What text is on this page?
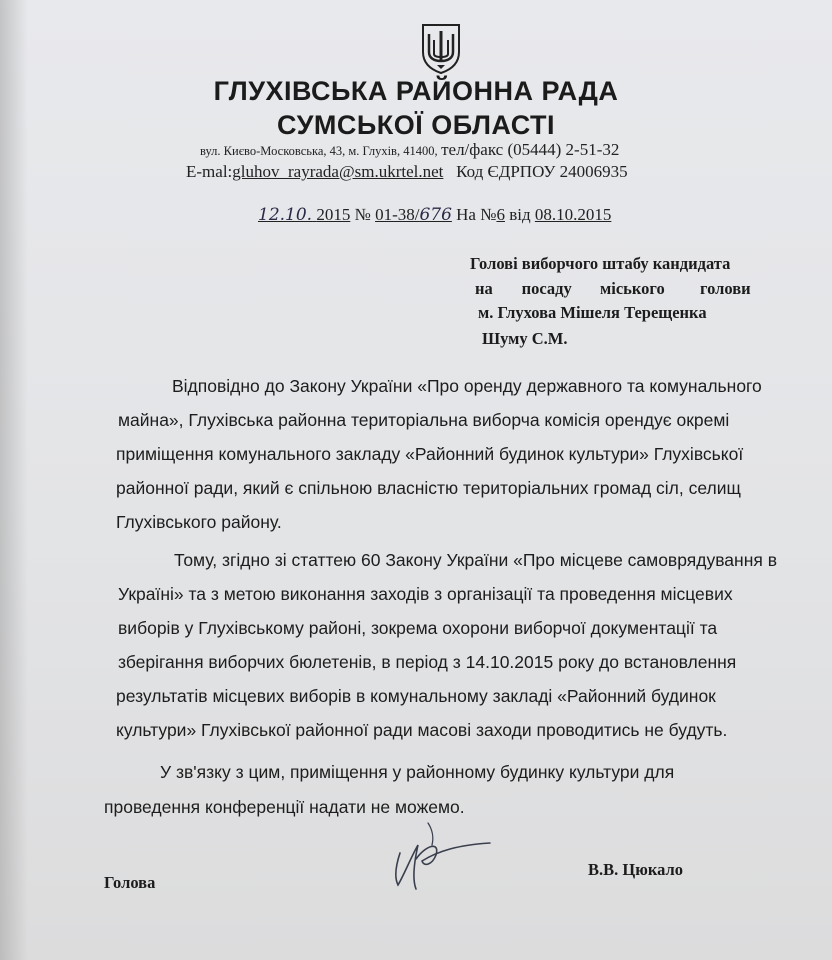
ГЛУХІВСЬКА РАЙОННА РАДА
СУМСЬКОЇ ОБЛАСТІ
вул. Києво-Московська, 43, м. Глухів, 41400, тел/факс (05444) 2-51-32
E-mal:gluhov_rayrada@sm.ukrtel.net Код ЄДРПОУ 24006935
12.10. 2015 № 01-38/676 На №6 від 08.10.2015
Голові виборчого штабу кандидата
на посаду міського голови
м. Глухова Мішеля Терещенка
Шуму С.М.
Відповідно до Закону України «Про оренду державного та комунального
майна», Глухівська районна територіальна виборча комісія орендує окремі
приміщення комунального закладу «Районний будинок культури» Глухівської
районної ради, який є спільною власністю територіальних громад сіл, селищ
Глухівського району.
Тому, згідно зі статтею 60 Закону України «Про місцеве самоврядування в
Україні» та з метою виконання заходів з організації та проведення місцевих
виборів у Глухівському районі, зокрема охорони виборчої документації та
зберігання виборчих бюлетенів, в період з 14.10.2015 року до встановлення
результатів місцевих виборів в комунальному закладі «Районний будинок
культури» Глухівської районної ради масові заходи проводитись не будуть.
У зв'язку з цим, приміщення у районному будинку культури для
проведення конференції надати не можемо.
Голова
В.В. Цюкало
